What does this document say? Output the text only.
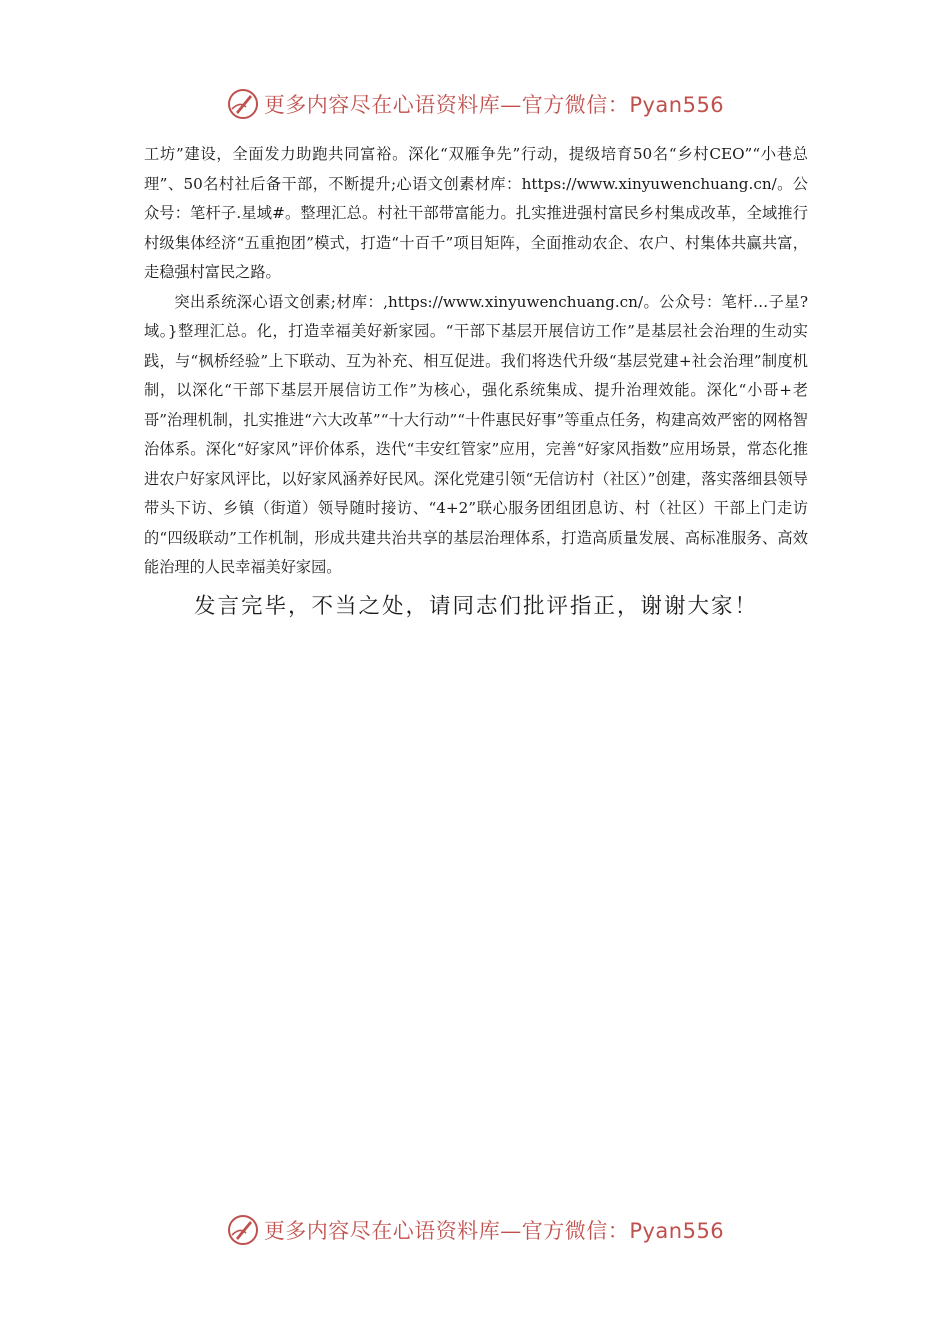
更多内容尽在心语资料库—官方微信：Pyan556

工坊”建设，全面发力助跑共同富裕。深化“双雁争先”行动，提级培育50名“乡村CEO”“小巷总理”、50名村社后备干部，不断提升;心语文创素材库：https://www.xinyuwenchuang.cn/。公众号：笔杆子.星域#。整理汇总。村社干部带富能力。扎实推进强村富民乡村集成改革，全域推行村级集体经济“五重抱团”模式，打造“十百千”项目矩阵，全面推动农企、农户、村集体共赢共富，走稳强村富民之路。

突出系统深心语文创素;材库：,https://www.xinyuwenchuang.cn/。公众号：笔杆…子星?域。}整理汇总。化，打造幸福美好新家园。“干部下基层开展信访工作”是基层社会治理的生动实践，与“枫桥经验”上下联动、互为补充、相互促进。我们将迭代升级“基层党建+社会治理”制度机制，以深化“干部下基层开展信访工作”为核心，强化系统集成、提升治理效能。深化“小哥+老哥”治理机制，扎实推进“六大改革”“十大行动”“十件惠民好事”等重点任务，构建高效严密的网格智治体系。深化“好家风”评价体系，迭代“丰安红管家”应用，完善“好家风指数”应用场景，常态化推进农户好家风评比，以好家风涵养好民风。深化党建引领“无信访村（社区）”创建，落实落细县领导带头下访、乡镇（街道）领导随时接访、“4+2”联心服务团组团息访、村（社区）干部上门走访的“四级联动”工作机制，形成共建共治共享的基层治理体系，打造高质量发展、高标准服务、高效能治理的人民幸福美好家园。

发言完毕，不当之处，请同志们批评指正，谢谢大家！
更多内容尽在心语资料库—官方微信：Pyan556
